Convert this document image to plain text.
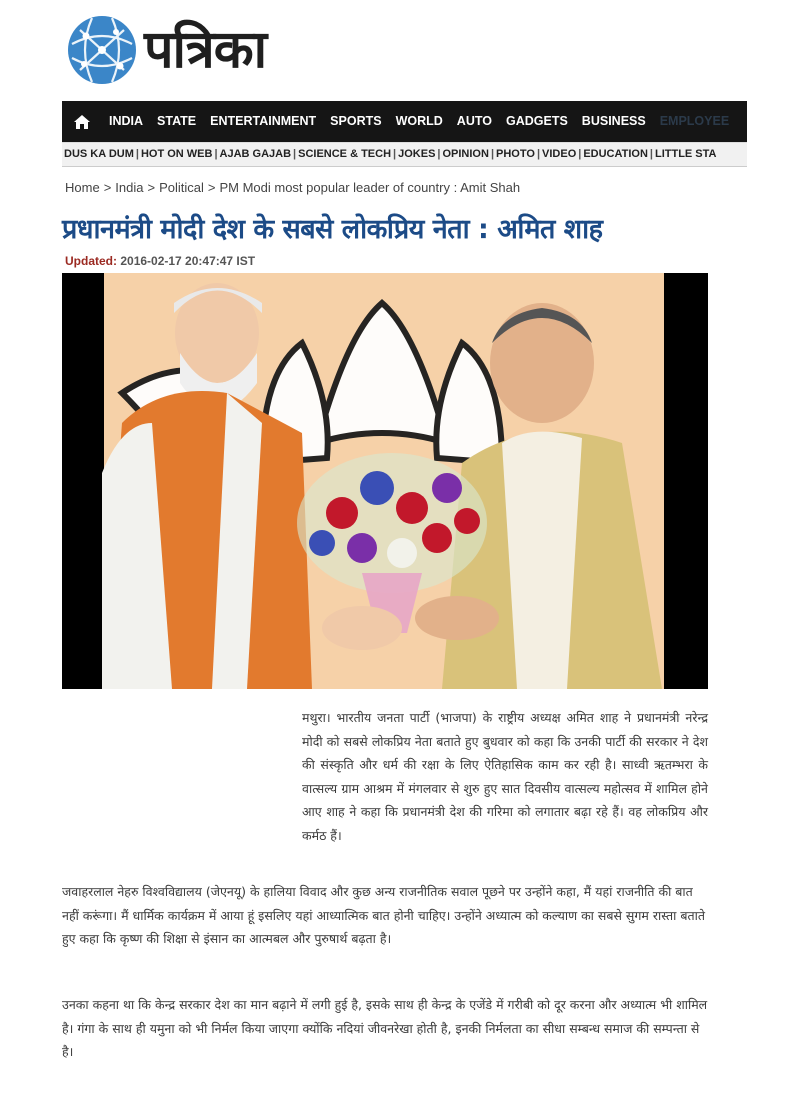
पत्रिका
INDIA	STATE	ENTERTAINMENT	SPORTS	WORLD	AUTO	GADGETS	BUSINESS	EMPLOYEE
DUS KA DUM | HOT ON WEB | AJAB GAJAB | SCIENCE & TECH | JOKES | OPINION | PHOTO | VIDEO | EDUCATION | LITTLE STA
Home > India > Political > PM Modi most popular leader of country : Amit Shah
प्रधानमंत्री मोदी देश के सबसे लोकप्रिय नेता : अमित शाह
Updated: 2016-02-17 20:47:47 IST

मथुरा। भारतीय जनता पार्टी (भाजपा) के राष्ट्रीय अध्यक्ष अमित शाह ने प्रधानमंत्री नरेन्द्र मोदी को सबसे लोकप्रिय नेता बताते हुए बुधवार को कहा कि उनकी पार्टी की सरकार ने देश की संस्कृति और धर्म की रक्षा के लिए ऐतिहासिक काम कर रही है। साध्वी ऋतम्भरा के वात्सल्य ग्राम आश्रम में मंगलवार से शुरु हुए सात दिवसीय वात्सल्य महोत्सव में शामिल होने आए शाह ने कहा कि प्रधानमंत्री देश की गरिमा को लगातार बढ़ा रहे हैं। वह लोकप्रिय और कर्मठ हैं।

जवाहरलाल नेहरु विश्वविद्यालय (जेएनयू) के हालिया विवाद और कुछ अन्य राजनीतिक सवाल पूछने पर उन्होंने कहा, मैं यहां राजनीति की बात नहीं करूंगा। मैं धार्मिक कार्यक्रम में आया हूं इसलिए यहां आध्यात्मिक बात होनी चाहिए। उन्होंने अध्यात्म को कल्याण का सबसे सुगम रास्ता बताते हुए कहा कि कृष्ण की शिक्षा से इंसान का आत्मबल और पुरुषार्थ बढ़ता है।

उनका कहना था कि केन्द्र सरकार देश का मान बढ़ाने में लगी हुई है, इसके साथ ही केन्द्र के एजेंडे में गरीबी को दूर करना और अध्यात्म भी शामिल है। गंगा के साथ ही यमुना को भी निर्मल किया जाएगा क्योंकि नदियां जीवनरेखा होती है, इनकी निर्मलता का सीधा सम्बन्ध समाज की सम्पन्ता से है।
